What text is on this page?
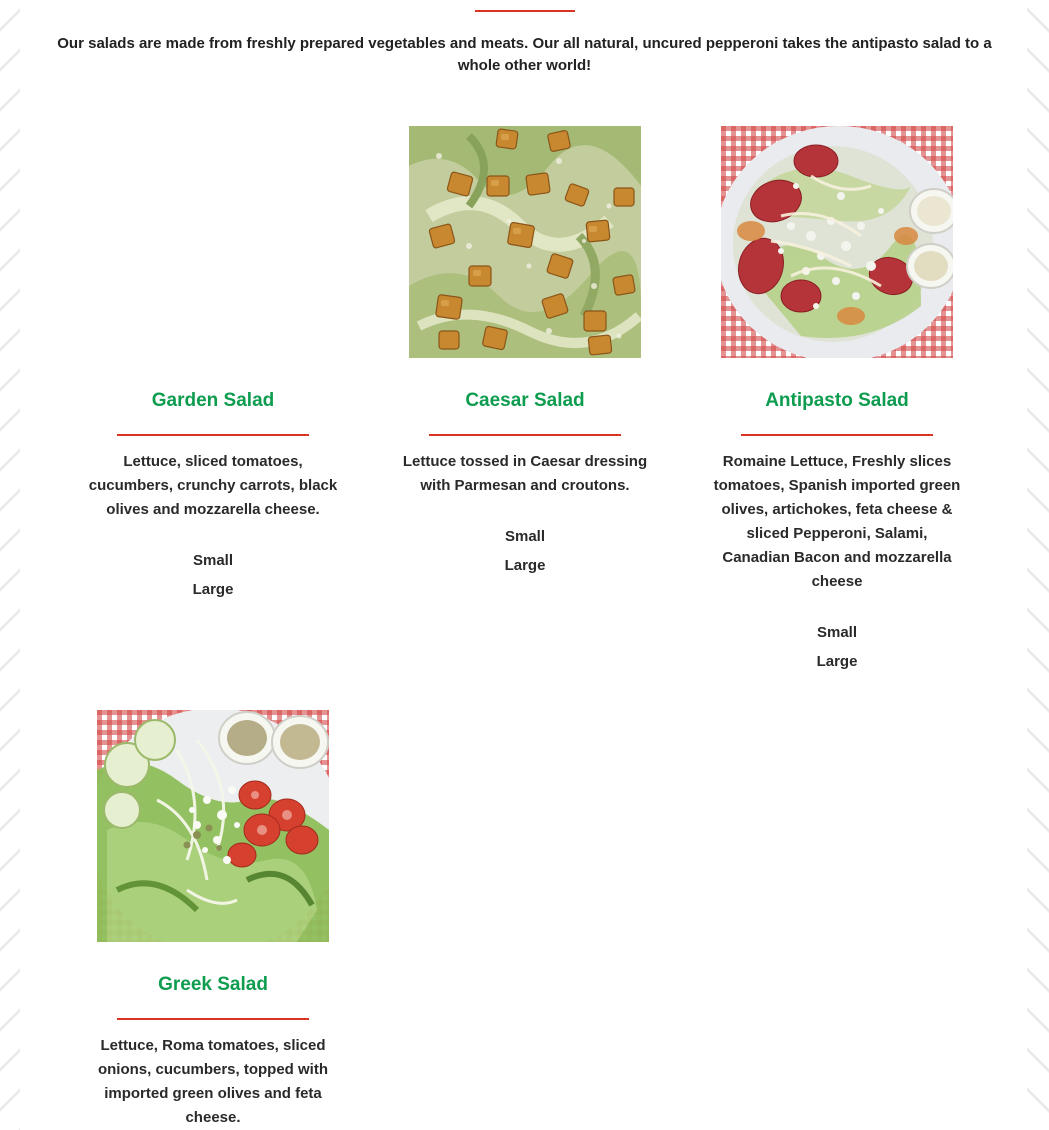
Our salads are made from freshly prepared vegetables and meats. Our all natural, uncured pepperoni takes the antipasto salad to a whole other world!

Garden Salad
Lettuce, sliced tomatoes, cucumbers, crunchy carrots, black olives and mozzarella cheese.
Small
Large
Caesar Salad
Lettuce tossed in Caesar dressing with Parmesan and croutons.
Small
Large
Antipasto Salad
Romaine Lettuce, Freshly slices tomatoes, Spanish imported green olives, artichokes, feta cheese & sliced Pepperoni, Salami, Canadian Bacon and mozzarella cheese
Small
Large
Greek Salad
Lettuce, Roma tomatoes, sliced onions, cucumbers, topped with imported green olives and feta cheese.
